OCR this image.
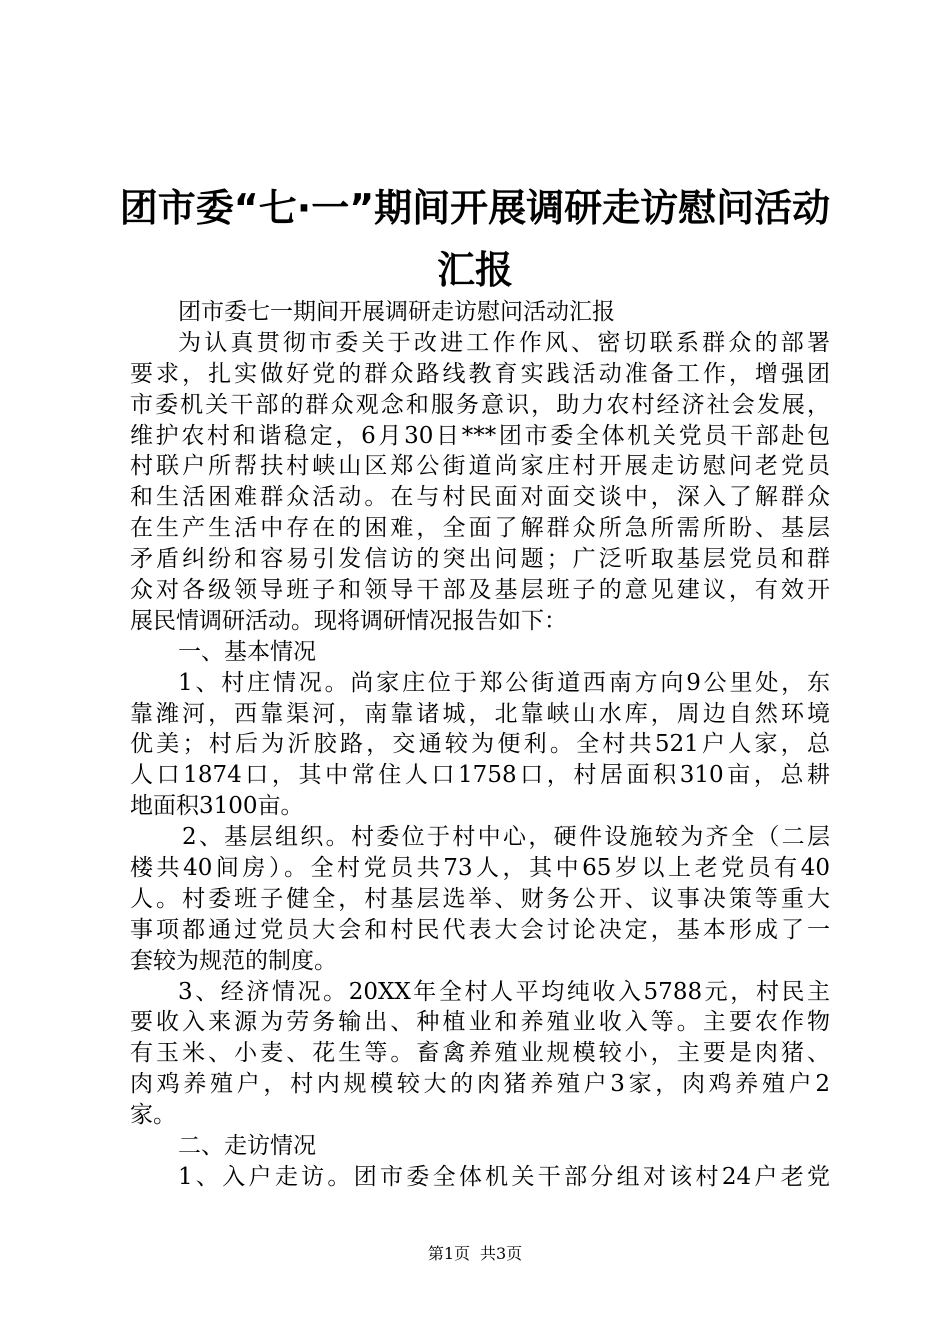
团市委“七·一”期间开展调研走访慰问活动
汇报
团市委七一期间开展调研走访慰问活动汇报
为认真贯彻市委关于改进工作作风、密切联系群众的部署
要求，扎实做好党的群众路线教育实践活动准备工作，增强团
市委机关干部的群众观念和服务意识，助力农村经济社会发展，
维护农村和谐稳定，6月30日***团市委全体机关党员干部赴包
村联户所帮扶村峡山区郑公街道尚家庄村开展走访慰问老党员
和生活困难群众活动。在与村民面对面交谈中，深入了解群众
在生产生活中存在的困难，全面了解群众所急所需所盼、基层
矛盾纠纷和容易引发信访的突出问题；广泛听取基层党员和群
众对各级领导班子和领导干部及基层班子的意见建议，有效开
展民情调研活动。现将调研情况报告如下：
一、基本情况
1、村庄情况。尚家庄位于郑公街道西南方向9公里处，东
靠潍河，西靠渠河，南靠诸城，北靠峡山水库，周边自然环境
优美；村后为沂胶路，交通较为便利。全村共521户人家，总
人口1874口，其中常住人口1758口，村居面积310亩，总耕
地面积3100亩。
2、基层组织。村委位于村中心，硬件设施较为齐全（二层
楼共40间房）。全村党员共73人，其中65岁以上老党员有40
人。村委班子健全，村基层选举、财务公开、议事决策等重大
事项都通过党员大会和村民代表大会讨论决定，基本形成了一
套较为规范的制度。
3、经济情况。20XX年全村人平均纯收入5788元，村民主
要收入来源为劳务输出、种植业和养殖业收入等。主要农作物
有玉米、小麦、花生等。畜禽养殖业规模较小，主要是肉猪、
肉鸡养殖户，村内规模较大的肉猪养殖户3家，肉鸡养殖户2
家。
二、走访情况
1、入户走访。团市委全体机关干部分组对该村24户老党
第1页 共3页
